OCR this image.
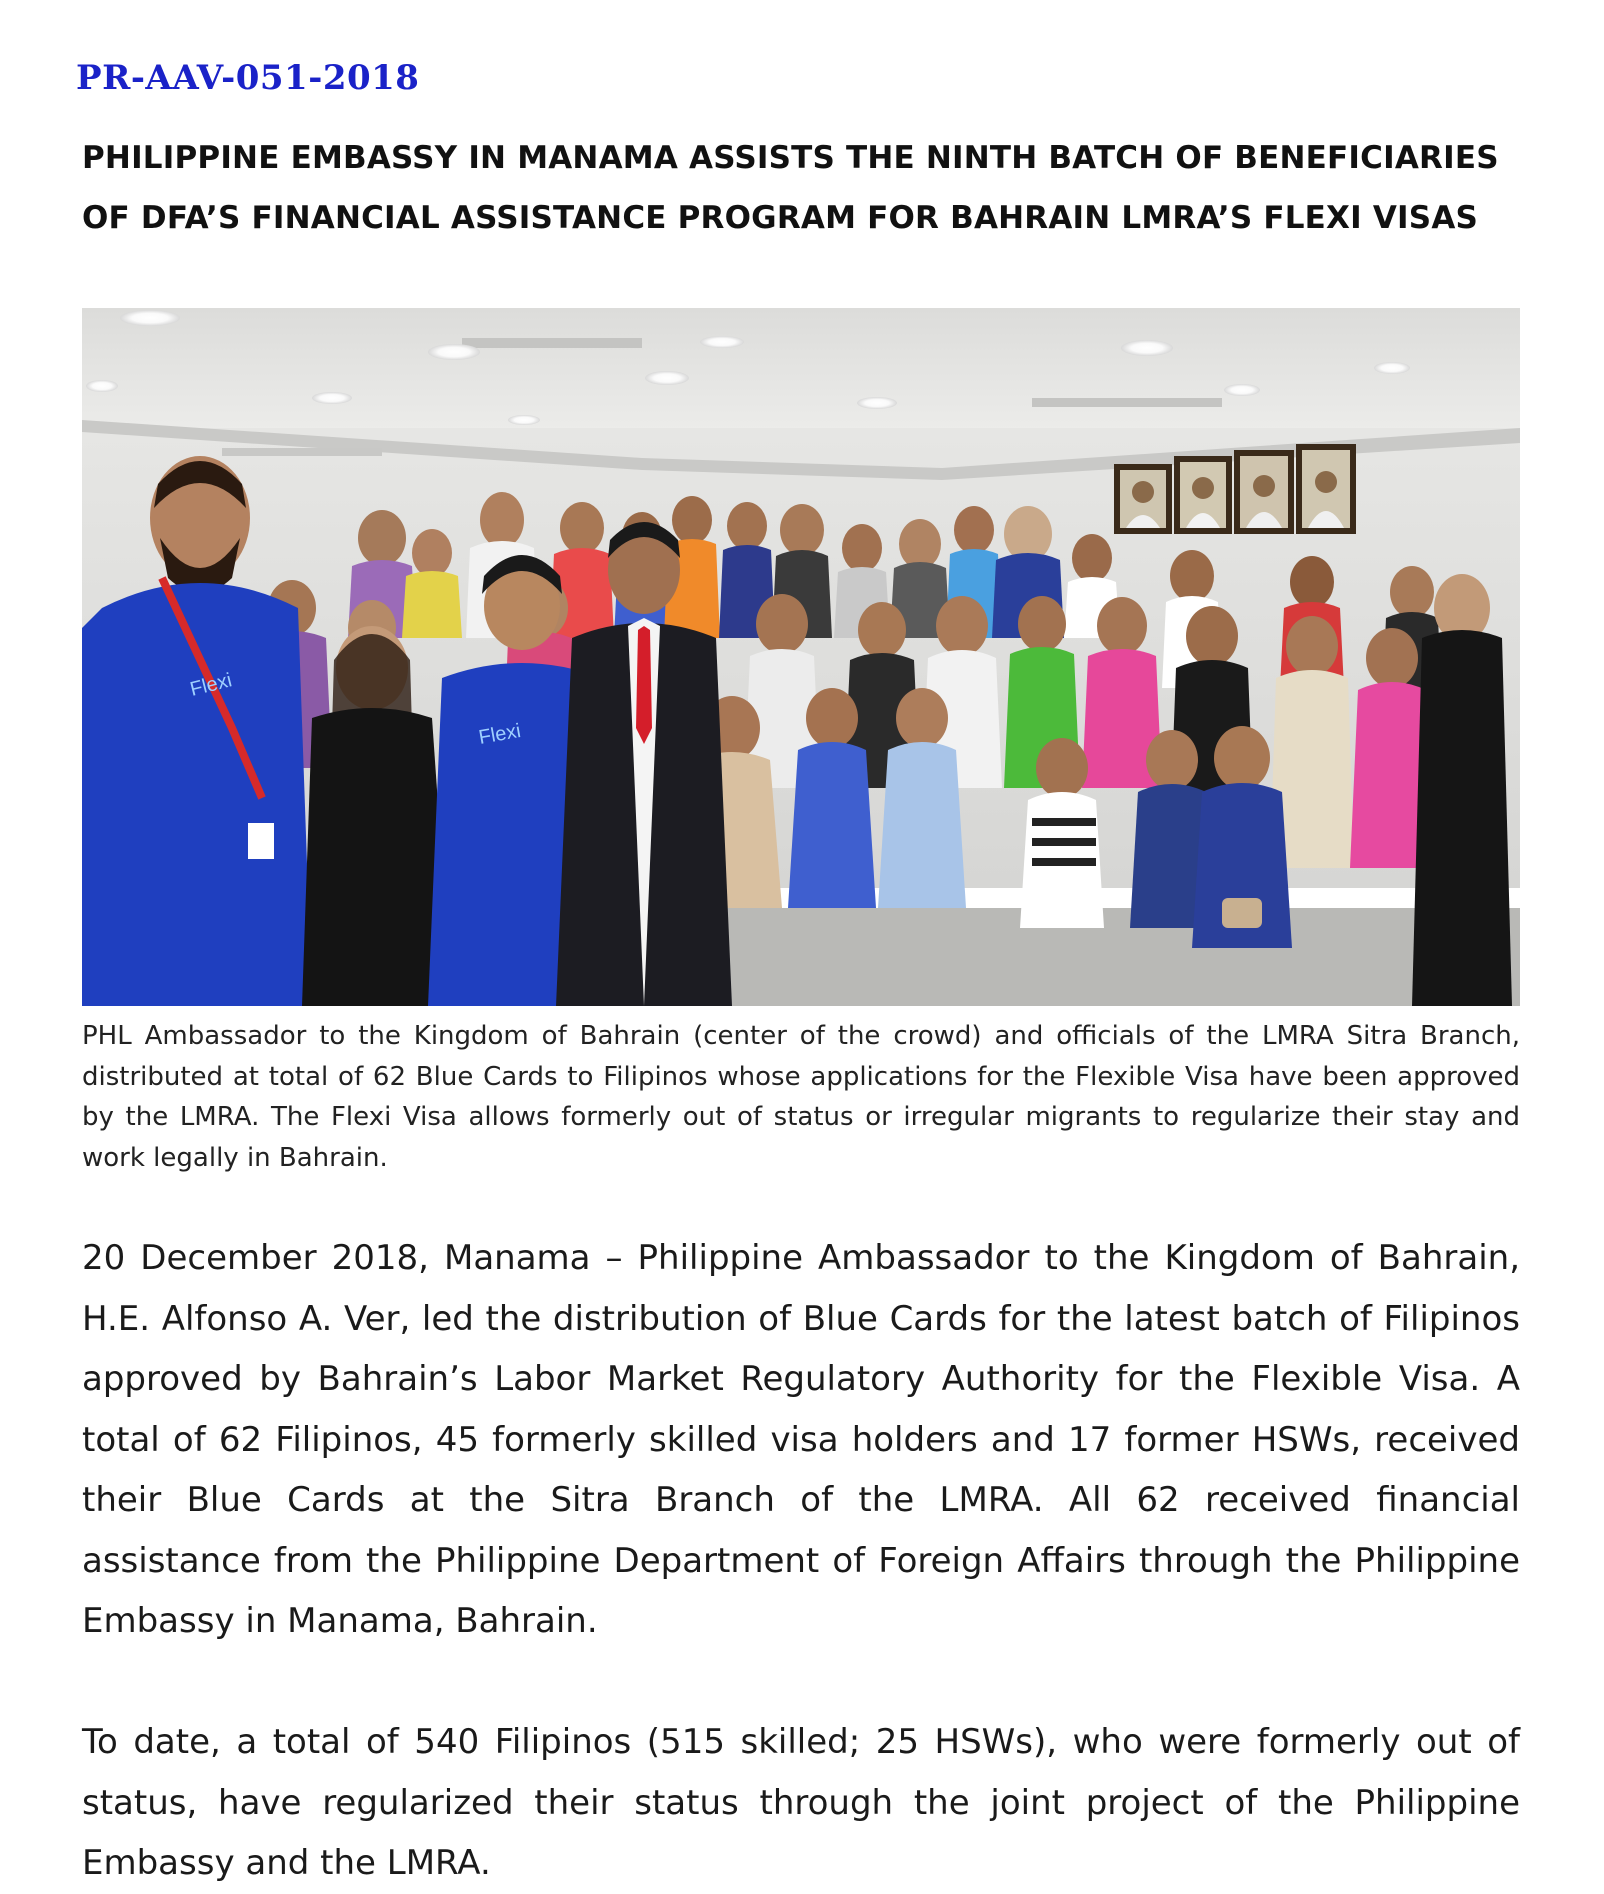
PR-AAV-051-2018

PHILIPPINE EMBASSY IN MANAMA ASSISTS THE NINTH BATCH OF BENEFICIARIES OF DFA’S FINANCIAL ASSISTANCE PROGRAM FOR BAHRAIN LMRA’S FLEXI VISAS
Flexi
Flexi

PHL Ambassador to the Kingdom of Bahrain (center of the crowd) and officials of the LMRA Sitra Branch, distributed at total of 62 Blue Cards to Filipinos whose applications for the Flexible Visa have been approved by the LMRA. The Flexi Visa allows formerly out of status or irregular migrants to regularize their stay and work legally in Bahrain.

20 December 2018, Manama – Philippine Ambassador to the Kingdom of Bahrain, H.E. Alfonso A. Ver, led the distribution of Blue Cards for the latest batch of Filipinos approved by Bahrain’s Labor Market Regulatory Authority for the Flexible Visa. A total of 62 Filipinos, 45 formerly skilled visa holders and 17 former HSWs, received their Blue Cards at the Sitra Branch of the LMRA. All 62 received financial assistance from the Philippine Department of Foreign Affairs through the Philippine Embassy in Manama, Bahrain.

To date, a total of 540 Filipinos (515 skilled; 25 HSWs), who were formerly out of status, have regularized their status through the joint project of the Philippine Embassy and the LMRA.
